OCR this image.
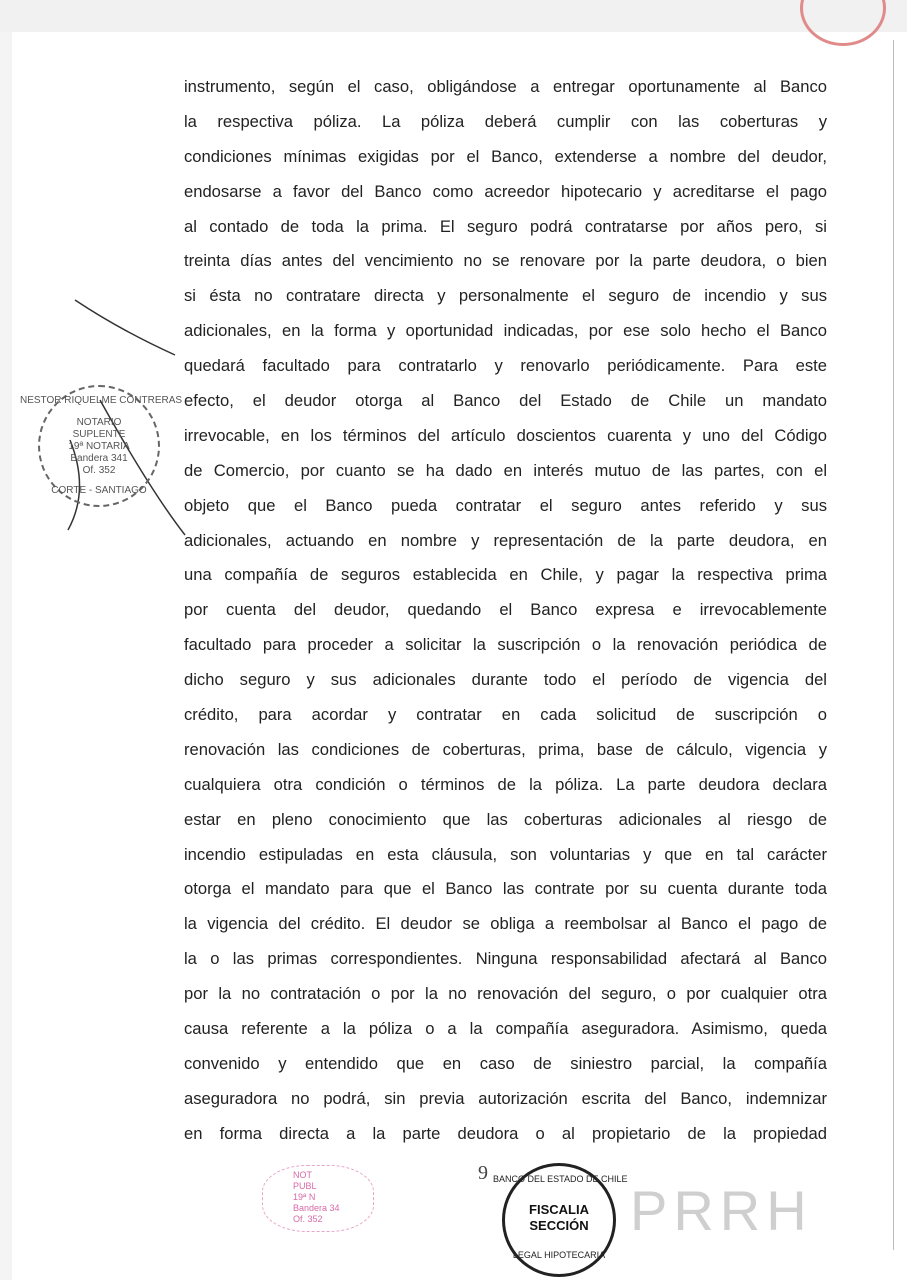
instrumento, según el caso, obligándose a entregar oportunamente al Banco
la respectiva póliza. La póliza deberá cumplir con las coberturas y
condiciones mínimas exigidas por el Banco, extenderse a nombre del deudor,
endosarse a favor del Banco como acreedor hipotecario y acreditarse el pago
al contado de toda la prima. El seguro podrá contratarse por años pero, si
treinta días antes del vencimiento no se renovare por la parte deudora, o bien
si ésta no contratare directa y personalmente el seguro de incendio y sus
adicionales, en la forma y oportunidad indicadas, por ese solo hecho el Banco
quedará facultado para contratarlo y renovarlo periódicamente. Para este
efecto, el deudor otorga al Banco del Estado de Chile un mandato
irrevocable, en los términos del artículo doscientos cuarenta y uno del Código
de Comercio, por cuanto se ha dado en interés mutuo de las partes, con el
objeto que el Banco pueda contratar el seguro antes referido y sus
adicionales, actuando en nombre y representación de la parte deudora, en
una compañía de seguros establecida en Chile, y pagar la respectiva prima
por cuenta del deudor, quedando el Banco expresa e irrevocablemente
facultado para proceder a solicitar la suscripción o la renovación periódica de
dicho seguro y sus adicionales durante todo el período de vigencia del
crédito, para acordar y contratar en cada solicitud de suscripción o
renovación las condiciones de coberturas, prima, base de cálculo, vigencia y
cualquiera otra condición o términos de la póliza. La parte deudora declara
estar en pleno conocimiento que las coberturas adicionales al riesgo de
incendio estipuladas en esta cláusula, son voluntarias y que en tal carácter
otorga el mandato para que el Banco las contrate por su cuenta durante toda
la vigencia del crédito. El deudor se obliga a reembolsar al Banco el pago de
la o las primas correspondientes. Ninguna responsabilidad afectará al Banco
por la no contratación o por la no renovación del seguro, o por cualquier otra
causa referente a la póliza o a la compañía aseguradora. Asimismo, queda
convenido y entendido que en caso de siniestro parcial, la compañía
aseguradora no podrá, sin previa autorización escrita del Banco, indemnizar
en forma directa a la parte deudora o al propietario de la propiedad
NESTOR RIQUELME CONTRERAS
NOTARIO
SUPLENTE
19ª NOTARIA
Bandera 341
Of. 352
CORTE - SANTIAGO
NOT
PUBL
19ª N
Bandera 34
Of. 352
9 BANCO DEL ESTADO DE CHILE
FISCALIA
SECCIÓN
LEGAL HIPOTECARIA
PRRH
